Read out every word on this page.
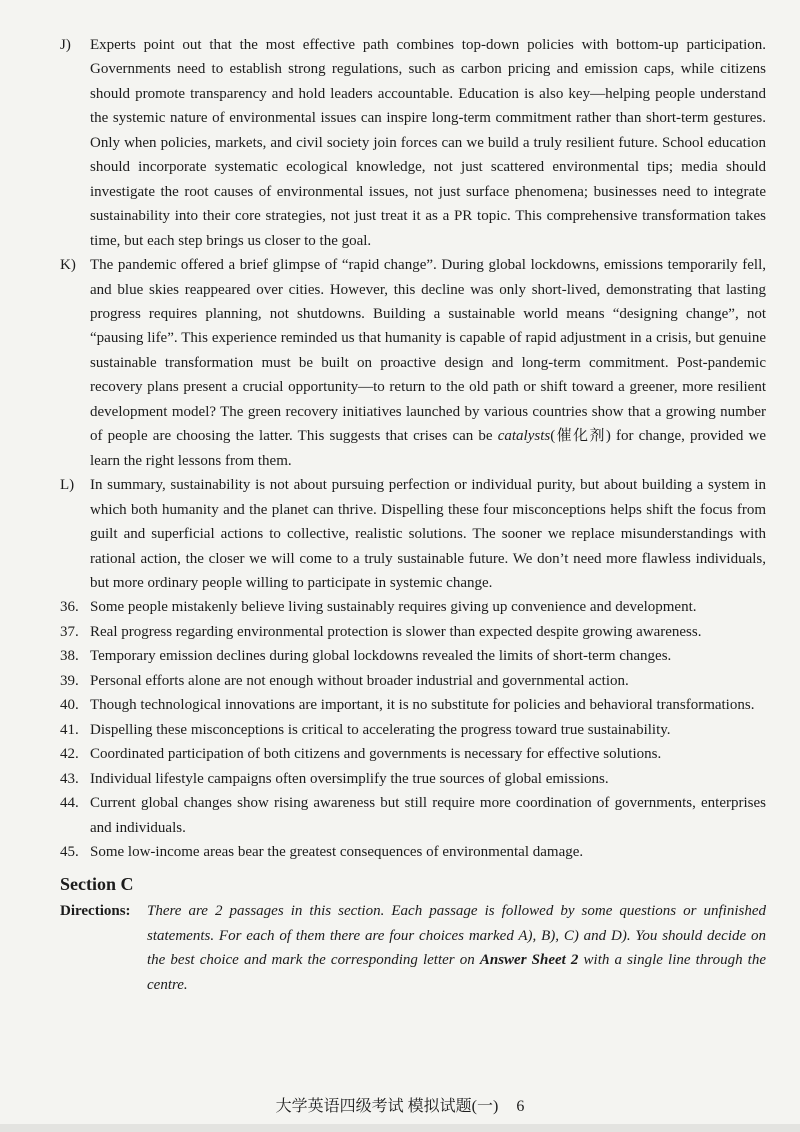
J) Experts point out that the most effective path combines top-down policies with bottom-up participation. Governments need to establish strong regulations, such as carbon pricing and emission caps, while citizens should promote transparency and hold leaders accountable. Education is also key—helping people understand the systemic nature of environmental issues can inspire long-term commitment rather than short-term gestures. Only when policies, markets, and civil society join forces can we build a truly resilient future. School education should incorporate systematic ecological knowledge, not just scattered environmental tips; media should investigate the root causes of environmental issues, not just surface phenomena; businesses need to integrate sustainability into their core strategies, not just treat it as a PR topic. This comprehensive transformation takes time, but each step brings us closer to the goal.
K) The pandemic offered a brief glimpse of “rapid change”. During global lockdowns, emissions temporarily fell, and blue skies reappeared over cities. However, this decline was only short-lived, demonstrating that lasting progress requires planning, not shutdowns. Building a sustainable world means “designing change”, not “pausing life”. This experience reminded us that humanity is capable of rapid adjustment in a crisis, but genuine sustainable transformation must be built on proactive design and long-term commitment. Post-pandemic recovery plans present a crucial opportunity—to return to the old path or shift toward a greener, more resilient development model? The green recovery initiatives launched by various countries show that a growing number of people are choosing the latter. This suggests that crises can be catalysts(催化剂) for change, provided we learn the right lessons from them.
L) In summary, sustainability is not about pursuing perfection or individual purity, but about building a system in which both humanity and the planet can thrive. Dispelling these four misconceptions helps shift the focus from guilt and superficial actions to collective, realistic solutions. The sooner we replace misunderstandings with rational action, the closer we will come to a truly sustainable future. We don’t need more flawless individuals, but more ordinary people willing to participate in systemic change.
36. Some people mistakenly believe living sustainably requires giving up convenience and development.
37. Real progress regarding environmental protection is slower than expected despite growing awareness.
38. Temporary emission declines during global lockdowns revealed the limits of short-term changes.
39. Personal efforts alone are not enough without broader industrial and governmental action.
40. Though technological innovations are important, it is no substitute for policies and behavioral transformations.
41. Dispelling these misconceptions is critical to accelerating the progress toward true sustainability.
42. Coordinated participation of both citizens and governments is necessary for effective solutions.
43. Individual lifestyle campaigns often oversimplify the true sources of global emissions.
44. Current global changes show rising awareness but still require more coordination of governments, enterprises and individuals.
45. Some low-income areas bear the greatest consequences of environmental damage.
Section C
Directions: There are 2 passages in this section. Each passage is followed by some questions or unfinished statements. For each of them there are four choices marked A), B), C) and D). You should decide on the best choice and mark the corresponding letter on Answer Sheet 2 with a single line through the centre.
大学英语四级考试 模拟试题(一) 6
